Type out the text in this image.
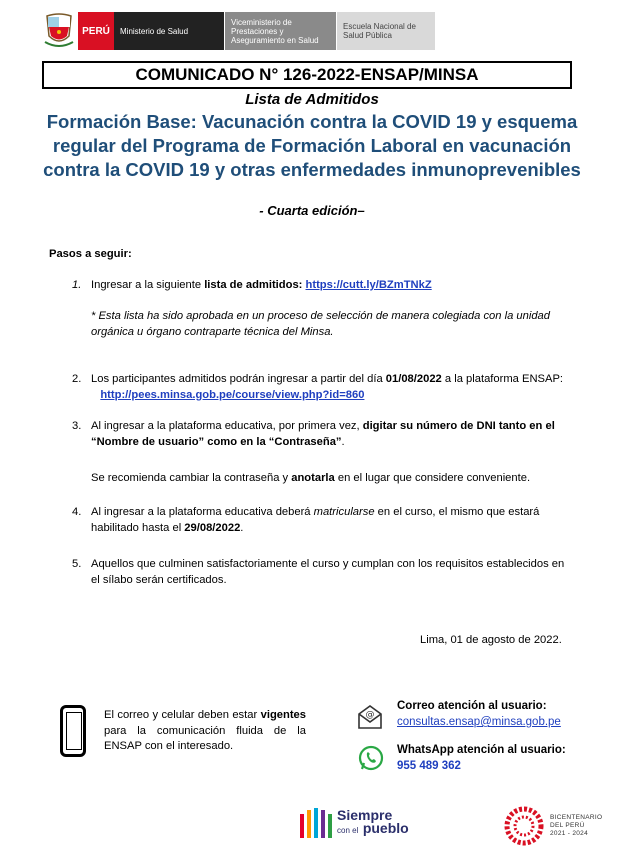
PERÚ	Ministerio de Salud
Viceministerio de Prestaciones y Aseguramiento en Salud
Escuela Nacional de Salud Pública
COMUNICADO N° 126-2022-ENSAP/MINSA
Lista de Admitidos
Formación Base: Vacunación contra la COVID 19 y esquema regular del Programa de Formación Laboral en vacunación contra la COVID 19 y otras enfermedades inmunoprevenibles
- Cuarta edición–
Pasos a seguir:
1. Ingresar a la siguiente lista de admitidos: https://cutt.ly/BZmTNkZ
* Esta lista ha sido aprobada en un proceso de selección de manera colegiada con la unidad orgánica u órgano contraparte técnica del Minsa.
2. Los participantes admitidos podrán ingresar a partir del día 01/08/2022 a la plataforma ENSAP:    http://pees.minsa.gob.pe/course/view.php?id=860
3. Al ingresar a la plataforma educativa, por primera vez, digitar su número de DNI tanto en el “Nombre de usuario” como en la “Contraseña”.
Se recomienda cambiar la contraseña y anotarla en el lugar que considere conveniente.
4. Al ingresar a la plataforma educativa deberá matricularse en el curso, el mismo que estará habilitado hasta el 29/08/2022.
5. Aquellos que culminen satisfactoriamente el curso y cumplan con los requisitos establecidos en el sílabo serán certificados.
Lima, 01 de agosto de 2022.
El correo y celular deben estar vigentes para la comunicación fluida de la ENSAP con el interesado.
@
Correo atención al usuario:
consultas.ensap@minsa.gob.pe
WhatsApp atención al usuario:
955 489 362
Siempre
con el pueblo
BICENTENARIO
DEL PERÚ
2021 - 2024
